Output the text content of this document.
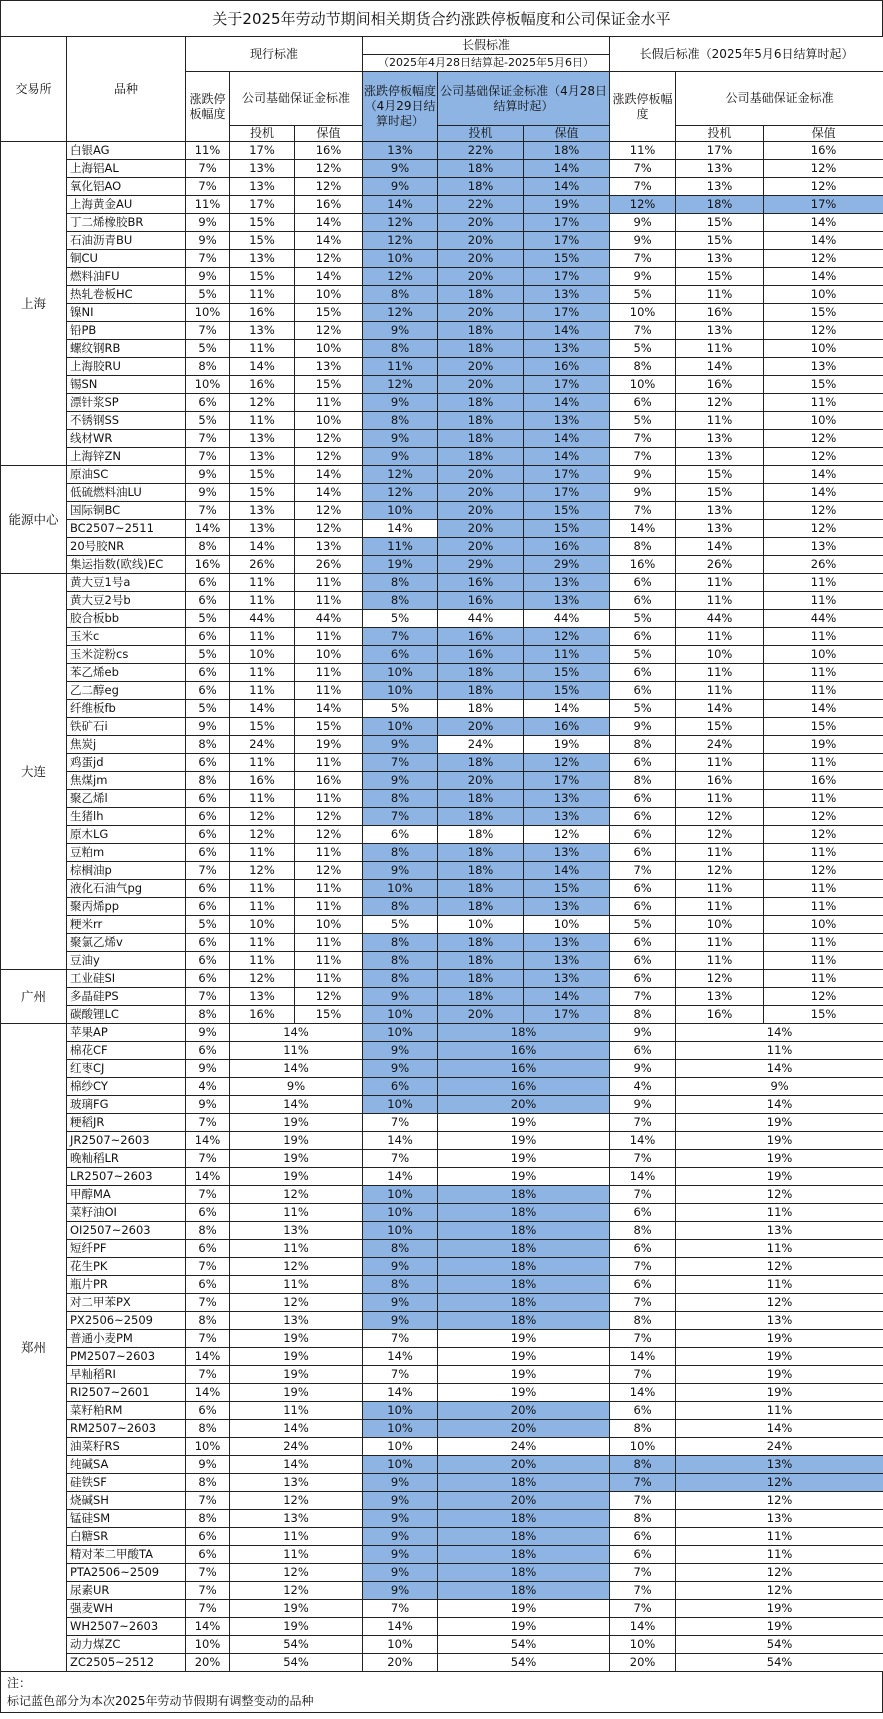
关于2025年劳动节期间相关期货合约涨跌停板幅度和公司保证金水平
交易所	品种	现行标准			长假标准			长假后标准（2025年5月6日结算时起）		
					（2025年4月28日结算起-2025年5月6日）					
		涨跌停板幅度	公司基础保证金标准		涨跌停板幅度（4月29日结算时起）	公司基础保证金标准（4月28日结算时起）		涨跌停板幅度	公司基础保证金标准	
			投机	保值		投机	保值		投机	保值
上海	白银AG	11%	17%	16%	13%	22%	18%	11%	17%	16%
	上海铝AL	7%	13%	12%	9%	18%	14%	7%	13%	12%
	氧化铝AO	7%	13%	12%	9%	18%	14%	7%	13%	12%
	上海黄金AU	11%	17%	16%	14%	22%	19%	12%	18%	17%
	丁二烯橡胶BR	9%	15%	14%	12%	20%	17%	9%	15%	14%
	石油沥青BU	9%	15%	14%	12%	20%	17%	9%	15%	14%
	铜CU	7%	13%	12%	10%	20%	15%	7%	13%	12%
	燃料油FU	9%	15%	14%	12%	20%	17%	9%	15%	14%
	热轧卷板HC	5%	11%	10%	8%	18%	13%	5%	11%	10%
	镍NI	10%	16%	15%	12%	20%	17%	10%	16%	15%
	铅PB	7%	13%	12%	9%	18%	14%	7%	13%	12%
	螺纹钢RB	5%	11%	10%	8%	18%	13%	5%	11%	10%
	上海胶RU	8%	14%	13%	11%	20%	16%	8%	14%	13%
	锡SN	10%	16%	15%	12%	20%	17%	10%	16%	15%
	漂针浆SP	6%	12%	11%	9%	18%	14%	6%	12%	11%
	不锈钢SS	5%	11%	10%	8%	18%	13%	5%	11%	10%
	线材WR	7%	13%	12%	9%	18%	14%	7%	13%	12%
	上海锌ZN	7%	13%	12%	9%	18%	14%	7%	13%	12%
能源中心	原油SC	9%	15%	14%	12%	20%	17%	9%	15%	14%
	低硫燃料油LU	9%	15%	14%	12%	20%	17%	9%	15%	14%
	国际铜BC	7%	13%	12%	10%	20%	15%	7%	13%	12%
	BC2507~2511	14%	13%	12%	14%	20%	15%	14%	13%	12%
	20号胶NR	8%	14%	13%	11%	20%	16%	8%	14%	13%
	集运指数(欧线)EC	16%	26%	26%	19%	29%	29%	16%	26%	26%
大连	黄大豆1号a	6%	11%	11%	8%	16%	13%	6%	11%	11%
	黄大豆2号b	6%	11%	11%	8%	16%	13%	6%	11%	11%
	胶合板bb	5%	44%	44%	5%	44%	44%	5%	44%	44%
	玉米c	6%	11%	11%	7%	16%	12%	6%	11%	11%
	玉米淀粉cs	5%	10%	10%	6%	16%	11%	5%	10%	10%
	苯乙烯eb	6%	11%	11%	10%	18%	15%	6%	11%	11%
	乙二醇eg	6%	11%	11%	10%	18%	15%	6%	11%	11%
	纤维板fb	5%	14%	14%	5%	18%	14%	5%	14%	14%
	铁矿石i	9%	15%	15%	10%	20%	16%	9%	15%	15%
	焦炭j	8%	24%	19%	9%	24%	19%	8%	24%	19%
	鸡蛋jd	6%	11%	11%	7%	18%	12%	6%	11%	11%
	焦煤jm	8%	16%	16%	9%	20%	17%	8%	16%	16%
	聚乙烯l	6%	11%	11%	8%	18%	13%	6%	11%	11%
	生猪lh	6%	12%	12%	7%	18%	13%	6%	12%	12%
	原木LG	6%	12%	12%	6%	18%	12%	6%	12%	12%
	豆粕m	6%	11%	11%	8%	18%	13%	6%	11%	11%
	棕榈油p	7%	12%	12%	9%	18%	14%	7%	12%	12%
	液化石油气pg	6%	11%	11%	10%	18%	15%	6%	11%	11%
	聚丙烯pp	6%	11%	11%	8%	18%	13%	6%	11%	11%
	粳米rr	5%	10%	10%	5%	10%	10%	5%	10%	10%
	聚氯乙烯v	6%	11%	11%	8%	18%	13%	6%	11%	11%
	豆油y	6%	11%	11%	8%	18%	13%	6%	11%	11%
广州	工业硅SI	6%	12%	11%	8%	18%	13%	6%	12%	11%
	多晶硅PS	7%	13%	12%	9%	18%	14%	7%	13%	12%
	碳酸锂LC	8%	16%	15%	10%	20%	17%	8%	16%	15%
郑州	苹果AP	9%	14%		10%	18%		9%	14%	
	棉花CF	6%	11%		9%	16%		6%	11%	
	红枣CJ	9%	14%		9%	16%		9%	14%	
	棉纱CY	4%	9%		6%	16%		4%	9%	
	玻璃FG	9%	14%		10%	20%		9%	14%	
	粳稻JR	7%	19%		7%	19%		7%	19%	
	JR2507~2603	14%	19%		14%	19%		14%	19%	
	晚籼稻LR	7%	19%		7%	19%		7%	19%	
	LR2507~2603	14%	19%		14%	19%		14%	19%	
	甲醇MA	7%	12%		10%	18%		7%	12%	
	菜籽油OI	6%	11%		10%	18%		6%	11%	
	OI2507~2603	8%	13%		10%	18%		8%	13%	
	短纤PF	6%	11%		8%	18%		6%	11%	
	花生PK	7%	12%		9%	18%		7%	12%	
	瓶片PR	6%	11%		8%	18%		6%	11%	
	对二甲苯PX	7%	12%		9%	18%		7%	12%	
	PX2506~2509	8%	13%		9%	18%		8%	13%	
	普通小麦PM	7%	19%		7%	19%		7%	19%	
	PM2507~2603	14%	19%		14%	19%		14%	19%	
	早籼稻RI	7%	19%		7%	19%		7%	19%	
	RI2507~2601	14%	19%		14%	19%		14%	19%	
	菜籽粕RM	6%	11%		10%	20%		6%	11%	
	RM2507~2603	8%	14%		10%	20%		8%	14%	
	油菜籽RS	10%	24%		10%	24%		10%	24%	
	纯碱SA	9%	14%		10%	20%		8%	13%	
	硅铁SF	8%	13%		9%	18%		7%	12%	
	烧碱SH	7%	12%		9%	20%		7%	12%	
	锰硅SM	8%	13%		9%	18%		8%	13%	
	白糖SR	6%	11%		9%	18%		6%	11%	
	精对苯二甲酸TA	6%	11%		9%	18%		6%	11%	
	PTA2506~2509	7%	12%		9%	18%		7%	12%	
	尿素UR	7%	12%		9%	18%		7%	12%	
	强麦WH	7%	19%		7%	19%		7%	19%	
	WH2507~2603	14%	19%		14%	19%		14%	19%	
	动力煤ZC	10%	54%		10%	54%		10%	54%	
	ZC2505~2512	20%	54%		20%	54%		20%	54%	
注：
标记蓝色部分为本次2025年劳动节假期有调整变动的品种
